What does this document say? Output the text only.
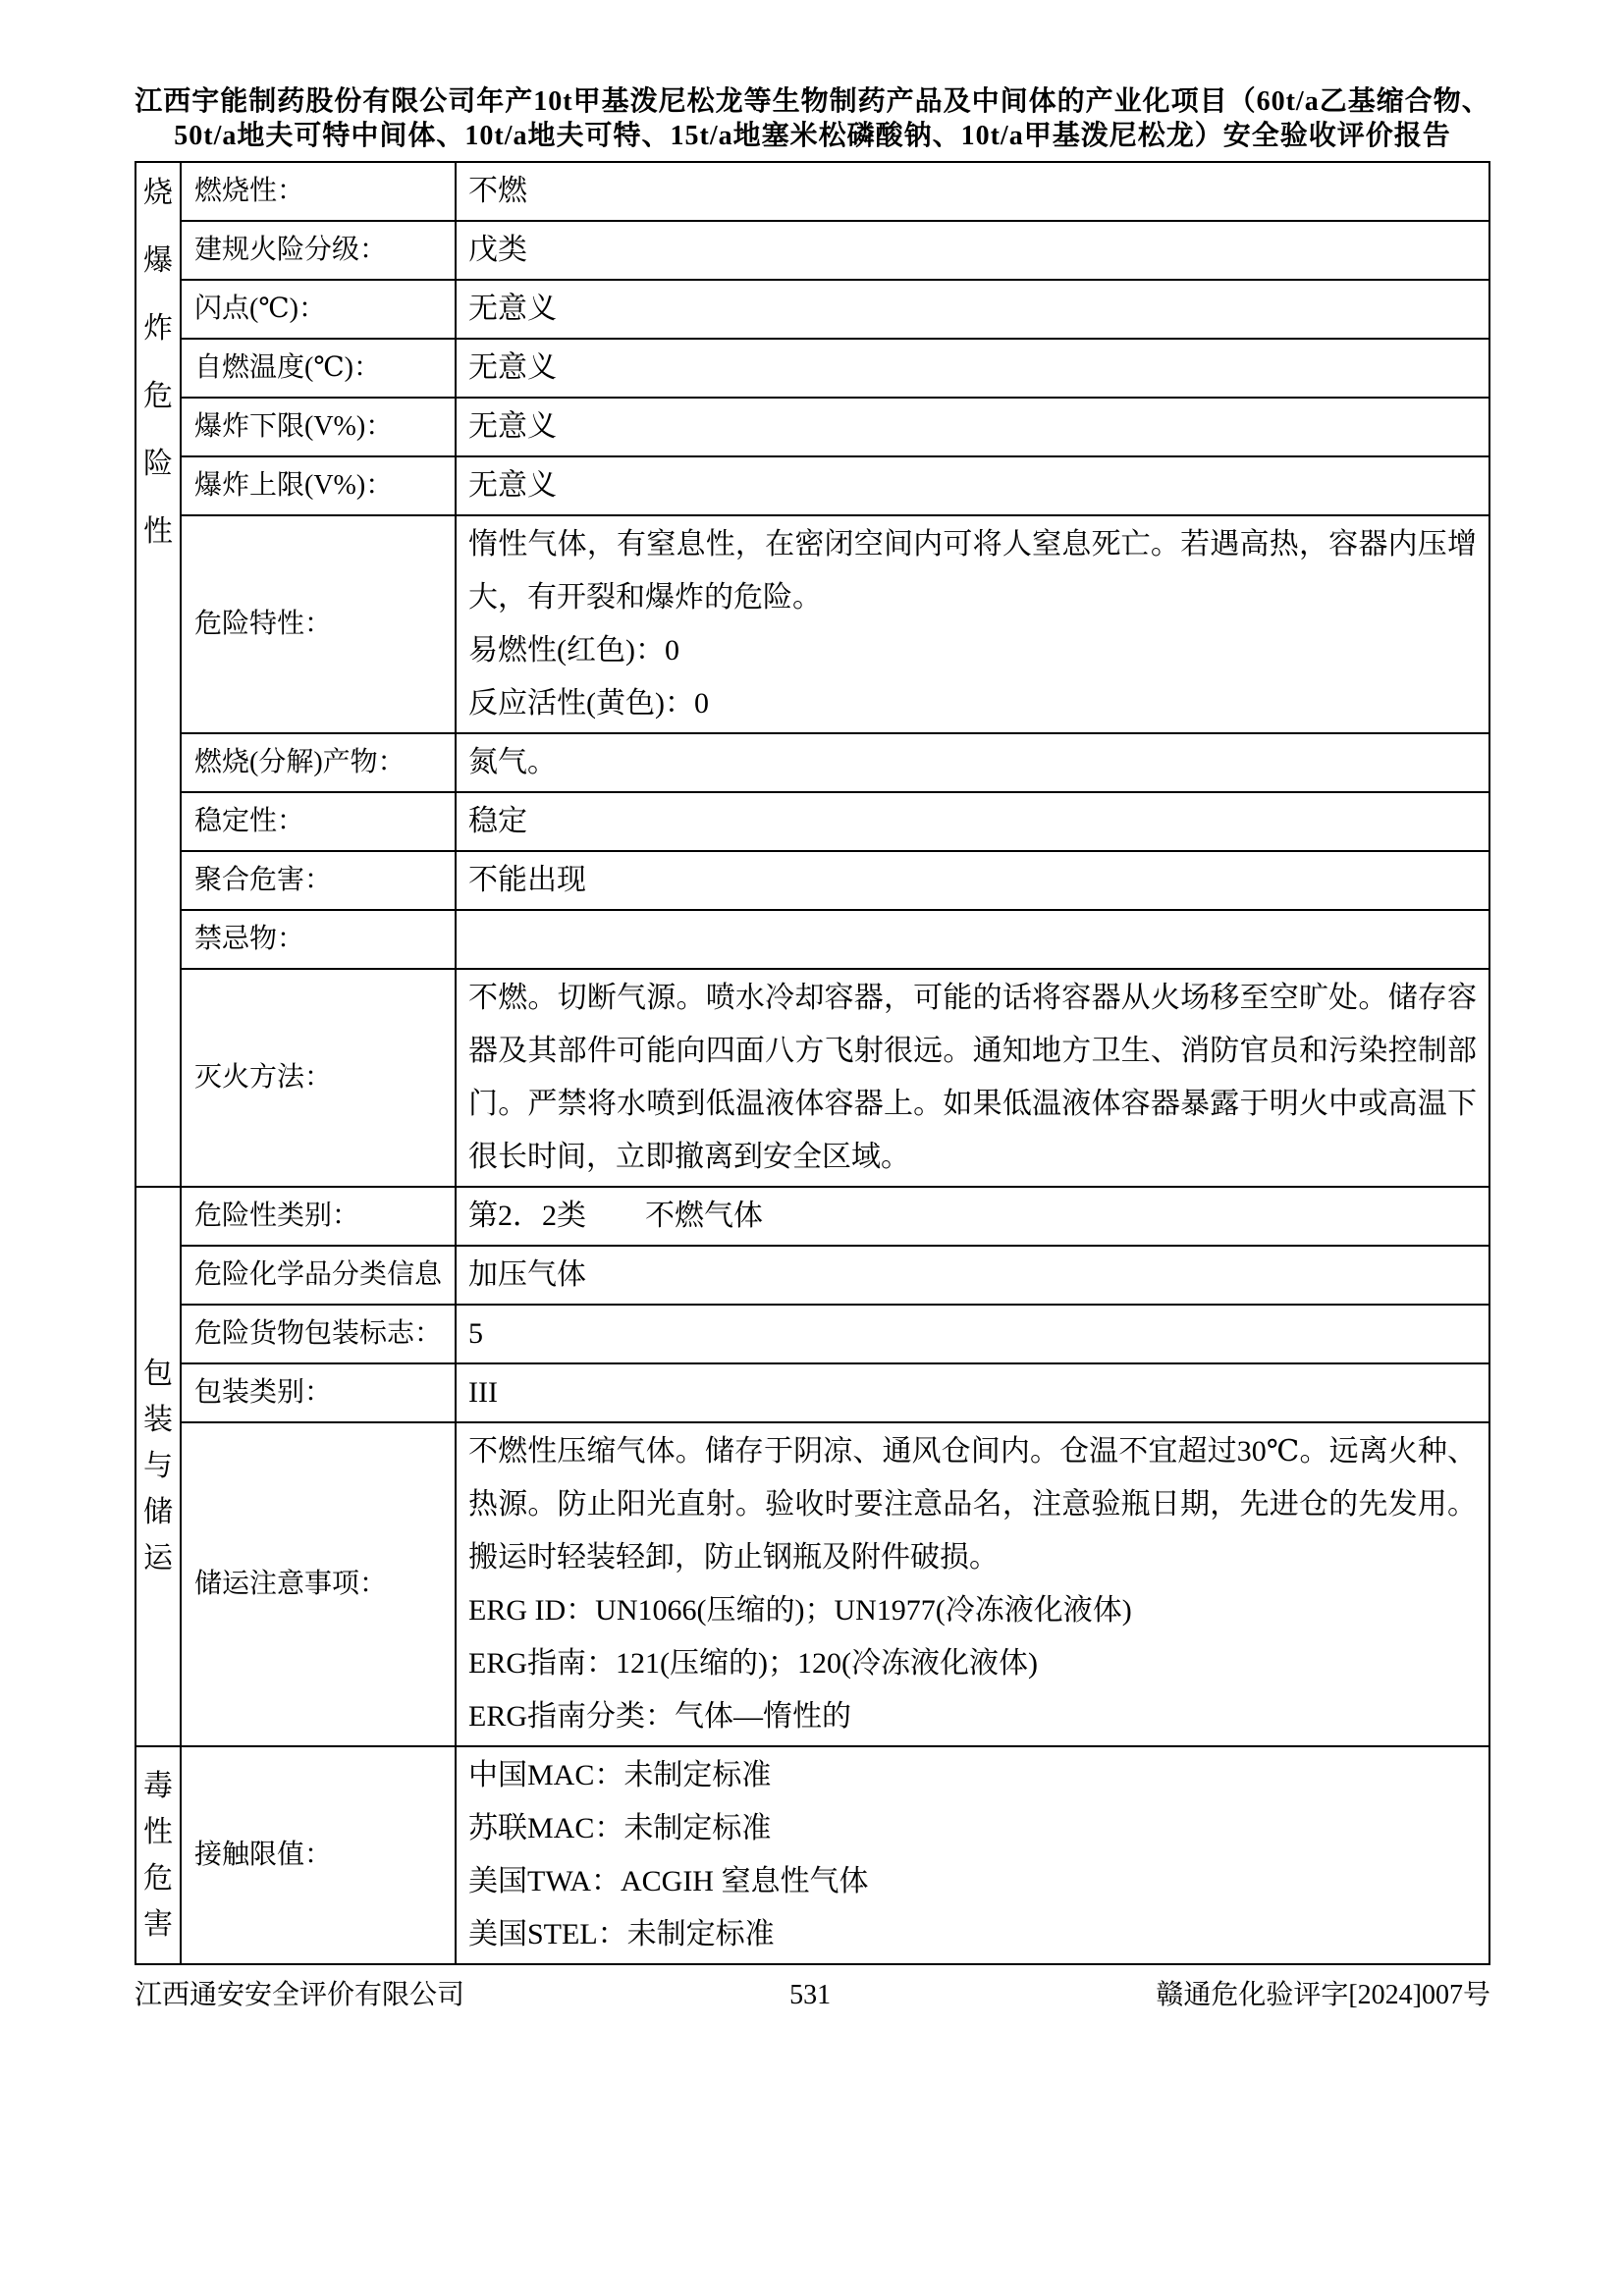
江西宇能制药股份有限公司年产10t甲基泼尼松龙等生物制药产品及中间体的产业化项目（60t/a乙基缩合物、50t/a地夫可特中间体、10t/a地夫可特、15t/a地塞米松磷酸钠、10t/a甲基泼尼松龙）安全验收评价报告
烧
爆
炸
危
险
性
	燃烧性：	不燃

	建规火险分级：	戊类

	闪点(℃)：	无意义

	自燃温度(℃)：	无意义

	爆炸下限(V%)：	无意义

	爆炸上限(V%)：	无意义

	危险特性：	惰性气体，有窒息性，在密闭空间内可将人窒息死亡。若遇高热，容器内压增大，有开裂和爆炸的危险。
易燃性(红色)：0
反应活性(黄色)：0

	燃烧(分解)产物：	氮气。

	稳定性：	稳定

	聚合危害：	不能出现

	禁忌物：	

	灭火方法：	不燃。切断气源。喷水冷却容器，可能的话将容器从火场移至空旷处。储存容器及其部件可能向四面八方飞射很远。通知地方卫生、消防官员和污染控制部门。严禁将水喷到低温液体容器上。如果低温液体容器暴露于明火中或高温下很长时间，立即撤离到安全区域。

包
装
与
储
运	危险性类别：	第2．2类　　不燃气体

	危险化学品分类信息	加压气体

	危险货物包装标志：	5

	包装类别：	III

	储运注意事项：	不燃性压缩气体。储存于阴凉、通风仓间内。仓温不宜超过30℃。远离火种、热源。防止阳光直射。验收时要注意品名，注意验瓶日期，先进仓的先发用。搬运时轻装轻卸，防止钢瓶及附件破损。
ERG ID：UN1066(压缩的)；UN1977(冷冻液化液体)
ERG指南：121(压缩的)；120(冷冻液化液体)
ERG指南分类：气体—惰性的

毒
性
危
害
	接触限值：	
中国MAC：未制定标准
苏联MAC：未制定标准
美国TWA：ACGIH 窒息性气体
美国STEL：未制定标准
江西通安安全评价有限公司	531	赣通危化验评字[2024]007号
